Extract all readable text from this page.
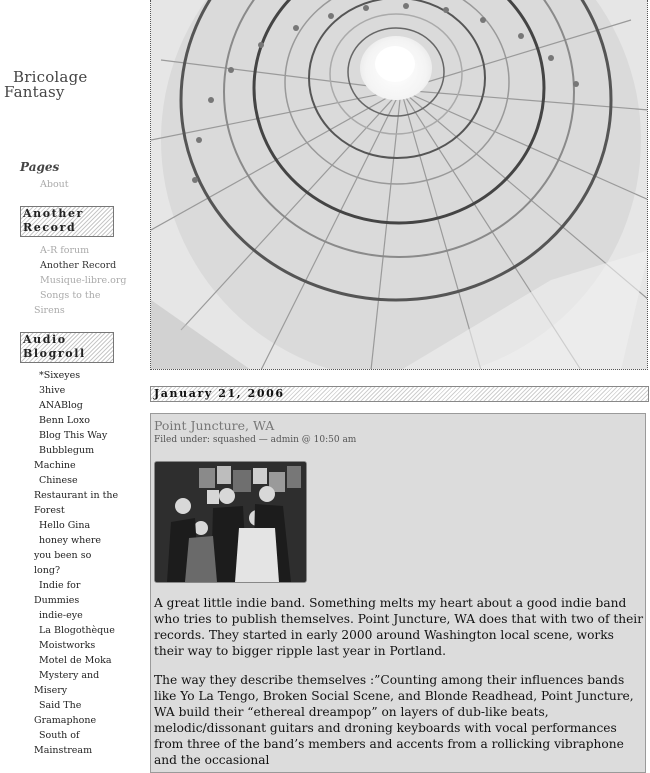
Bricolage
Fantasy
Pages
About
Another
Record
A-R forum
Another Record
Musique-libre.org
Songs to the
Sirens
Audio
Blogroll
*Sixeyes
3hive
ANABlog
Benn Loxo
Blog This Way
Bubblegum
Machine
Chinese
Restaurant in the
Forest
Hello Gina
honey where
you been so
long?
Indie for
Dummies
indie-eye
La Blogothèque
Moistworks
Motel de Moka
Mystery and
Misery
Said The
Gramaphone
South of
Mainstream
January 21, 2006
Point Juncture, WA
Filed under: squashed — admin @ 10:50 am
A great little indie band. Something melts my heart about a good indie band who tries to publish themselves. Point Juncture, WA does that with two of their records. They started in early 2000 around Washington local scene, works their way to bigger ripple last year in Portland.
The way they describe themselves :”Counting among their influences bands like Yo La Tengo, Broken Social Scene, and Blonde Readhead, Point Juncture, WA build their “ethereal dreampop” on layers of dub-like beats, melodic/dissonant guitars and droning keyboards with vocal performances from three of the band’s members and accents from a rollicking vibraphone and the occasional
